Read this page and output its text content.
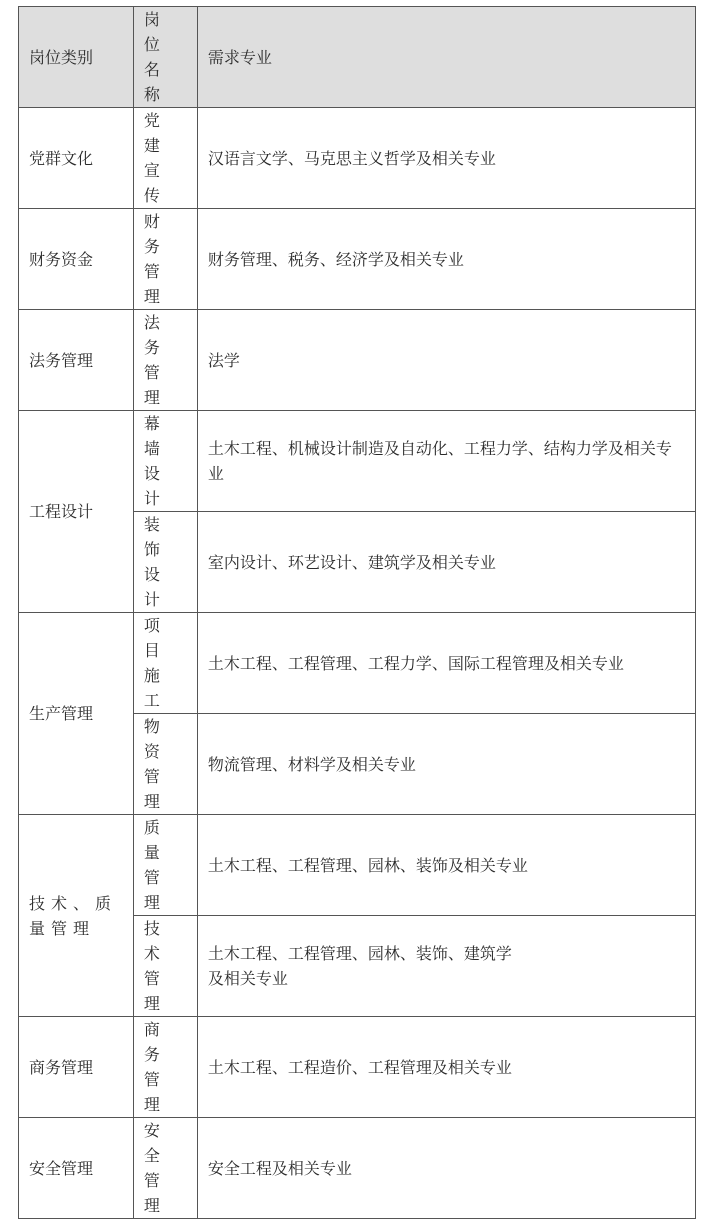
岗位类别	岗位名称	需求专业
党群文化	党建宣传	汉语言文学、马克思主义哲学及相关专业
财务资金	财务管理	财务管理、税务、经济学及相关专业
法务管理	法务管理	法学
工程设计	幕墙设计	土木工程、机械设计制造及自动化、工程力学、结构力学及相关专业
	装饰设计	室内设计、环艺设计、建筑学及相关专业
生产管理	项目施工	土木工程、工程管理、工程力学、国际工程管理及相关专业
	物资管理	物流管理、材料学及相关专业
技术、质量管理	质量管理	土木工程、工程管理、园林、装饰及相关专业
	技术管理	土木工程、工程管理、园林、装饰、建筑学
及相关专业
商务管理	商务管理	土木工程、工程造价、工程管理及相关专业
安全管理	安全管理	安全工程及相关专业
